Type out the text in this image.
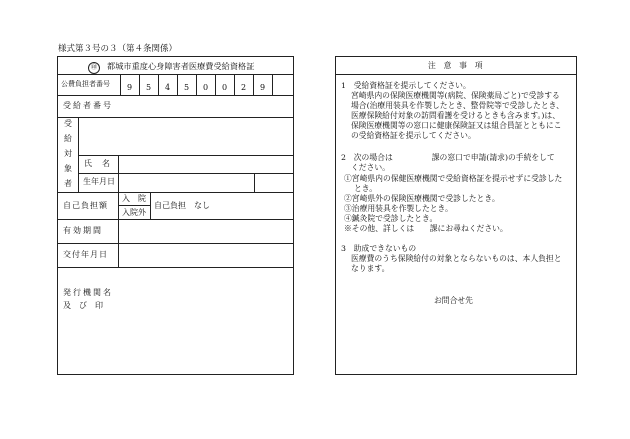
様式第３号の３（第４条関係）
㊞	都城市重度心身障害者医療費受給資格証
公費負担者番号	9	5	4	5	0	0	2	9
受給者番号
受
給
対
象
者
氏　名
生年月日
自己負担額
入　院
入院外
自己負担　なし
有効期間
交付年月日
発行機関名
及　び　印
注　意　事　項
1　受給資格証を提示してください。
宮崎県内の保険医療機関等(病院、保険薬局ごと)で受診する
場合(治療用装具を作製したとき、整骨院等で受診したとき、
医療保険給付対象の訪問看護を受けるときも含みます。)は、
保険医療機関等の窓口に健康保険証又は組合員証とともにこ
の受給資格証を提示してください。
2　次の場合は　　　　　課の窓口で申請(請求)の手続をして
ください。
①宮崎県内の保健医療機関で受給資格証を提示せずに受診した
とき。
②宮崎県外の保険医療機関で受診したとき。
③治療用装具を作製したとき。
④鍼灸院で受診したとき。
※その他、詳しくは　　課にお尋ねください。
3　助成できないもの
医療費のうち保険給付の対象とならないものは、本人負担と
なります。
お問合せ先
